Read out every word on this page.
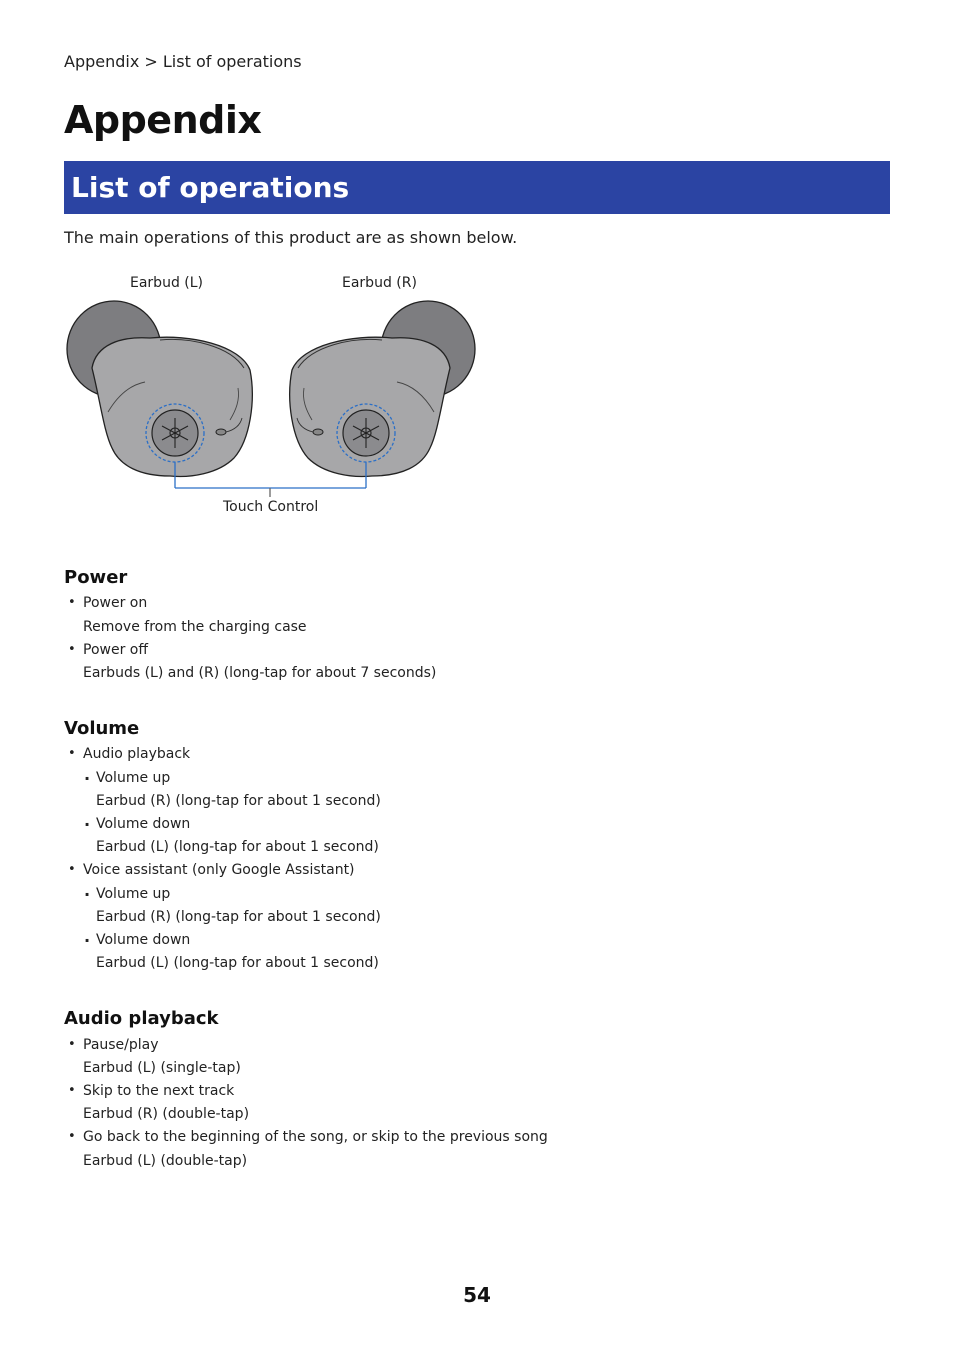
Appendix > List of operations
Appendix
List of operations
The main operations of this product are as shown below.
Earbud (L)	Earbud (R)
Touch Control
Power
• Power on
Remove from the charging case
• Power off
Earbuds (L) and (R) (long-tap for about 7 seconds)
Volume
• Audio playback
· Volume up
Earbud (R) (long-tap for about 1 second)
· Volume down
Earbud (L) (long-tap for about 1 second)
• Voice assistant (only Google Assistant)
· Volume up
Earbud (R) (long-tap for about 1 second)
· Volume down
Earbud (L) (long-tap for about 1 second)
Audio playback
• Pause/play
Earbud (L) (single-tap)
• Skip to the next track
Earbud (R) (double-tap)
• Go back to the beginning of the song, or skip to the previous song
Earbud (L) (double-tap)
54
